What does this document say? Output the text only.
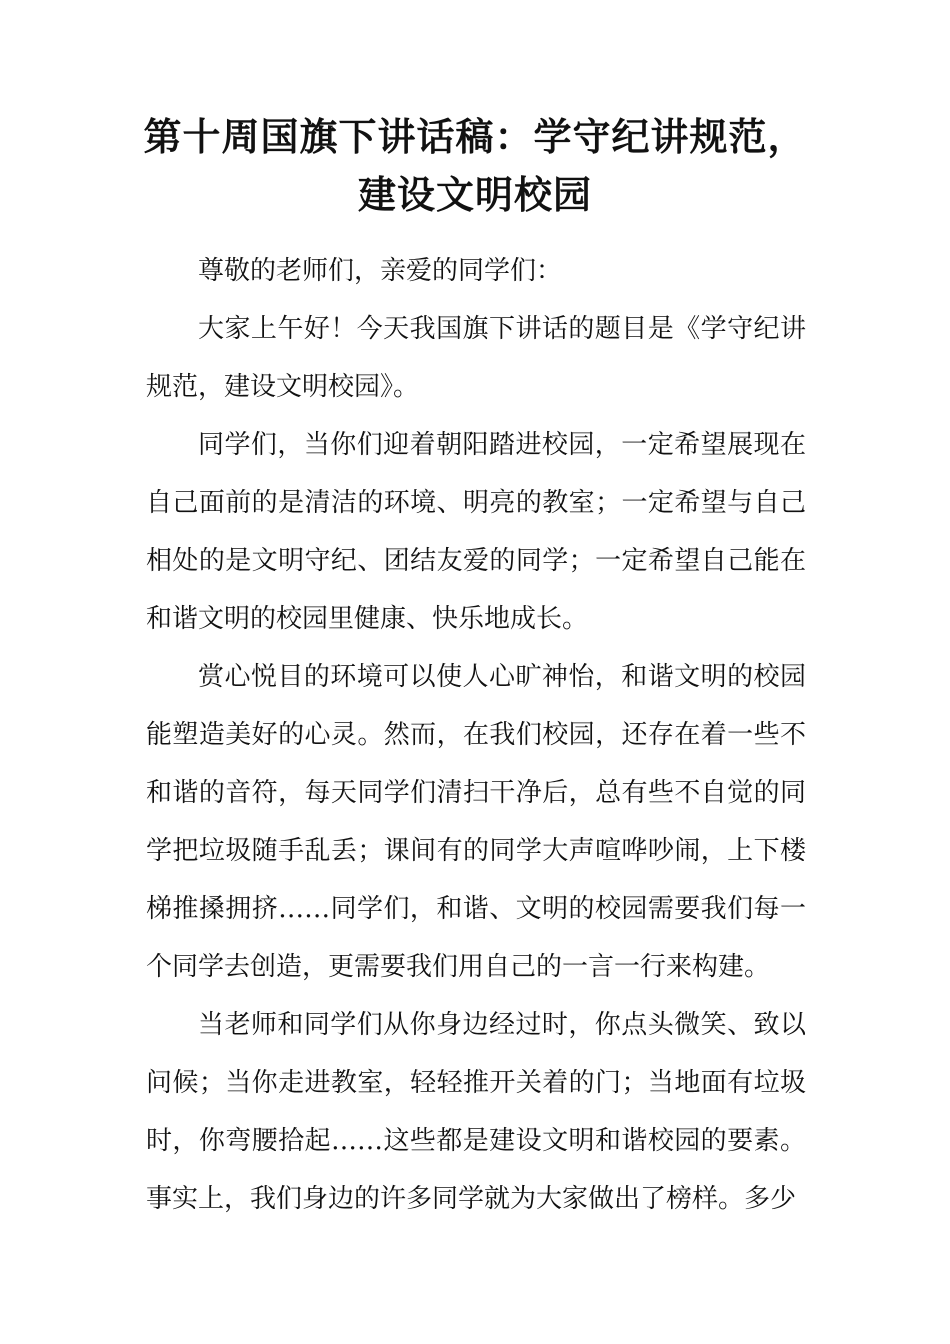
第十周国旗下讲话稿：学守纪讲规范，
建设文明校园

尊敬的老师们，亲爱的同学们：

大家上午好！今天我国旗下讲话的题目是《学守纪讲规范，建设文明校园》。

同学们，当你们迎着朝阳踏进校园，一定希望展现在自己面前的是清洁的环境、明亮的教室；一定希望与自己相处的是文明守纪、团结友爱的同学；一定希望自己能在和谐文明的校园里健康、快乐地成长。

赏心悦目的环境可以使人心旷神怡，和谐文明的校园能塑造美好的心灵。然而，在我们校园，还存在着一些不和谐的音符，每天同学们清扫干净后，总有些不自觉的同学把垃圾随手乱丢；课间有的同学大声喧哗吵闹，上下楼梯推搡拥挤……同学们，和谐、文明的校园需要我们每一个同学去创造，更需要我们用自己的一言一行来构建。

当老师和同学们从你身边经过时，你点头微笑、致以问候；当你走进教室，轻轻推开关着的门；当地面有垃圾时，你弯腰拾起……这些都是建设文明和谐校园的要素。事实上，我们身边的许多同学就为大家做出了榜样。多少
